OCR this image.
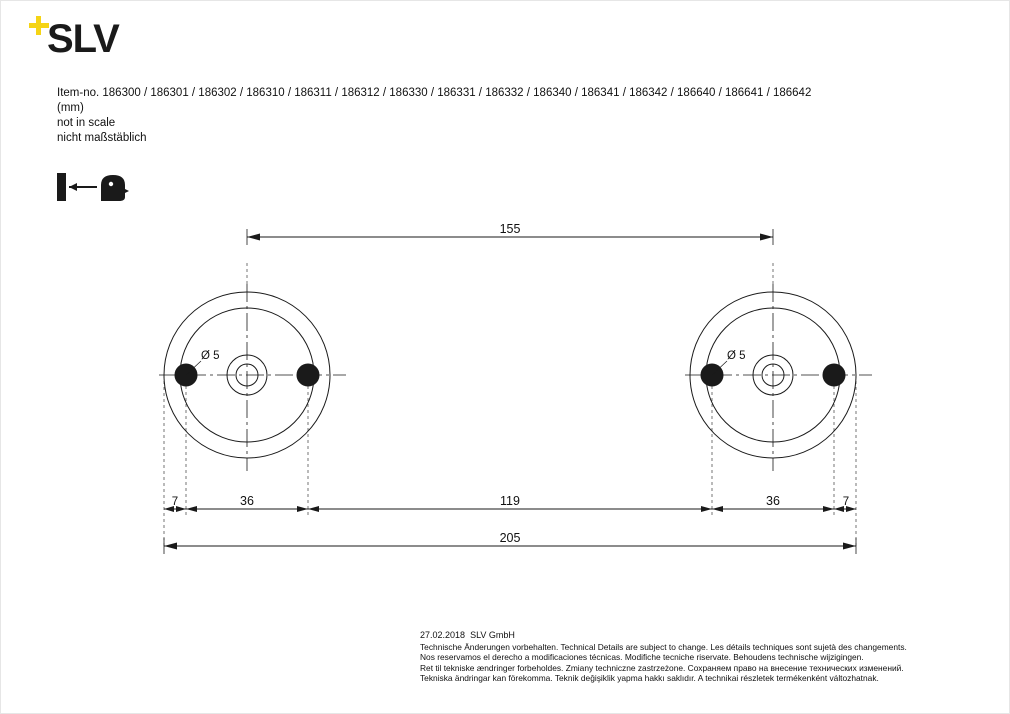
SLV
Item-no. 186300 / 186301 / 186302 / 186310 / 186311 / 186312 / 186330 / 186331 / 186332 / 186340 / 186341 / 186342 / 186640 / 186641 / 186642
(mm)
not in scale
nicht maßstäblich
155
7	36	119	36	7
205
Ø 5	Ø 5
27.02.2018 SLV GmbH
Technische Änderungen vorbehalten. Technical Details are subject to change. Les détails techniques sont sujetà des changements.
Nos reservamos el derecho a modificaciones técnicas. Modifiche tecniche riservate. Behoudens technische wijzigingen.
Ret til tekniske ændringer forbeholdes. Zmiany techniczne zastrzeżone. Сохраняем право на внесение технических изменений.
Tekniska ändringar kan förekomma. Teknik değişiklik yapma hakkı saklıdır. A technikai részletek termékenként változhatnak.
